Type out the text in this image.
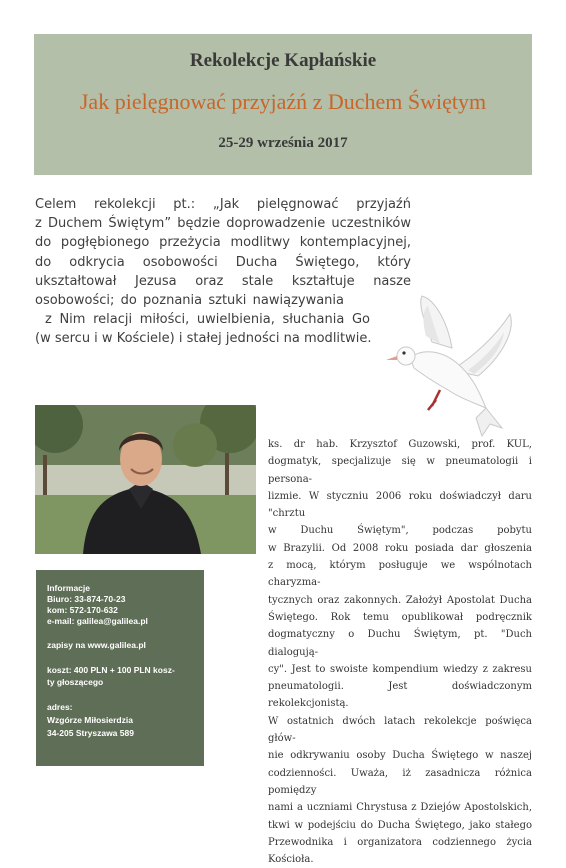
Rekolekcje Kapłańskie
Jak pielęgnować przyjaźń z Duchem Świętym
25-29 września 2017
Celem rekolekcji pt.: „Jak pielęgnować przyjaźń
z Duchem Świętym” będzie doprowadzenie uczestników
do pogłębionego przeżycia modlitwy kontemplacyjnej,
do odkrycia osobowości Ducha Świętego, który
ukształtował Jezusa oraz stale kształtuje nasze
osobowości; do poznania sztuki nawiązywania
z Nim relacji miłości, uwielbienia, słuchania Go
(w sercu i w Kościele) i stałej jedności na modlitwie.
ks. dr hab. Krzysztof Guzowski, prof. KUL,
dogmatyk, specjalizuje się w pneumatologii i persona-
lizmie. W styczniu 2006 roku doświadczył daru "chrztu
w Duchu Świętym", podczas pobytu
w Brazylii. Od 2008 roku posiada dar głoszenia
z mocą, którym posługuje we wspólnotach charyzma-
tycznych oraz zakonnych. Założył Apostolat Ducha
Świętego. Rok temu opublikował podręcznik
dogmatyczny o Duchu Świętym, pt. "Duch dialogują-
cy". Jest to swoiste kompendium wiedzy z zakresu
pneumatologii. Jest doświadczonym rekolekcjonistą.
W ostatnich dwóch latach rekolekcje poświęca głów-
nie odkrywaniu osoby Ducha Świętego w naszej
codzienności. Uważa, iż zasadnicza różnica pomiędzy
nami a uczniami Chrystusa z Dziejów Apostolskich,
tkwi w podejściu do Ducha Świętego, jako stałego
Przewodnika i organizatora codziennego życia
Kościoła.
Informacje
Biuro: 33-874-70-23
kom: 572-170-632
e-mail: galilea@galilea.pl
zapisy na www.galilea.pl
koszt: 400 PLN + 100 PLN kosz-
ty głoszącego
adres:
Wzgórze Miłosierdzia
34-205 Stryszawa 589
